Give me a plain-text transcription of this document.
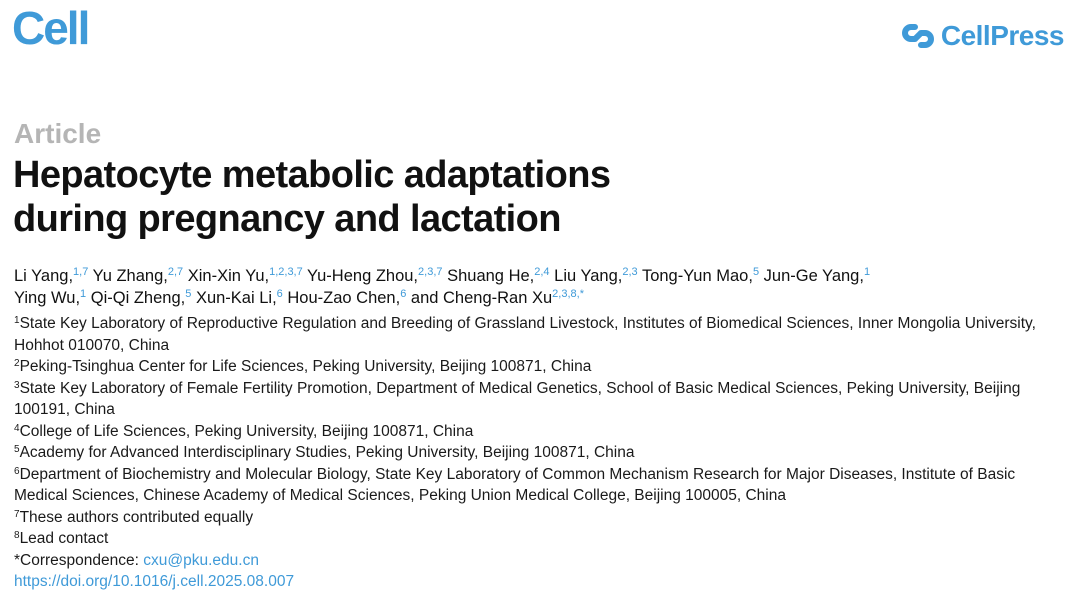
Cell	CellPress
Article
Hepatocyte metabolic adaptations
during pregnancy and lactation
Li Yang,$^{1,7}$ Yu Zhang,$^{2,7}$ Xin-Xin Yu,$^{1,2,3,7}$ Yu-Heng Zhou,$^{2,3,7}$ Shuang He,$^{2,4}$ Liu Yang,$^{2,3}$ Tong-Yun Mao,$^5$ Jun-Ge Yang,$^1$
Ying Wu,$^1$ Qi-Qi Zheng,$^5$ Xun-Kai Li,$^6$ Hou-Zao Chen,$^6$ and Cheng-Ran $Xu^{2,3,8,*}$

$^1$State Key Laboratory of Reproductive Regulation and Breeding of Grassland Livestock, Institutes of Biomedical Sciences, Inner Mongolia University, Hohhot 010070, China

$^2$Peking-Tsinghua Center for Life Sciences, Peking University, Beijing 100871, China

$^3$State Key Laboratory of Female Fertility Promotion, Department of Medical Genetics, School of Basic Medical Sciences, Peking University, Beijing 100191, China

$^4$College of Life Sciences, Peking University, Beijing 100871, China

$^5$Academy for Advanced Interdisciplinary Studies, Peking University, Beijing 100871, China

$^6$Department of Biochemistry and Molecular Biology, State Key Laboratory of Common Mechanism Research for Major Diseases, Institute of Basic Medical Sciences, Chinese Academy of Medical Sciences, Peking Union Medical College, Beijing 100005, China

$^7$These authors contributed equally

$^8$Lead contact

*Correspondence: cxu@pku.edu.cn

https://doi.org/10.1016/j.cell.2025.08.007
